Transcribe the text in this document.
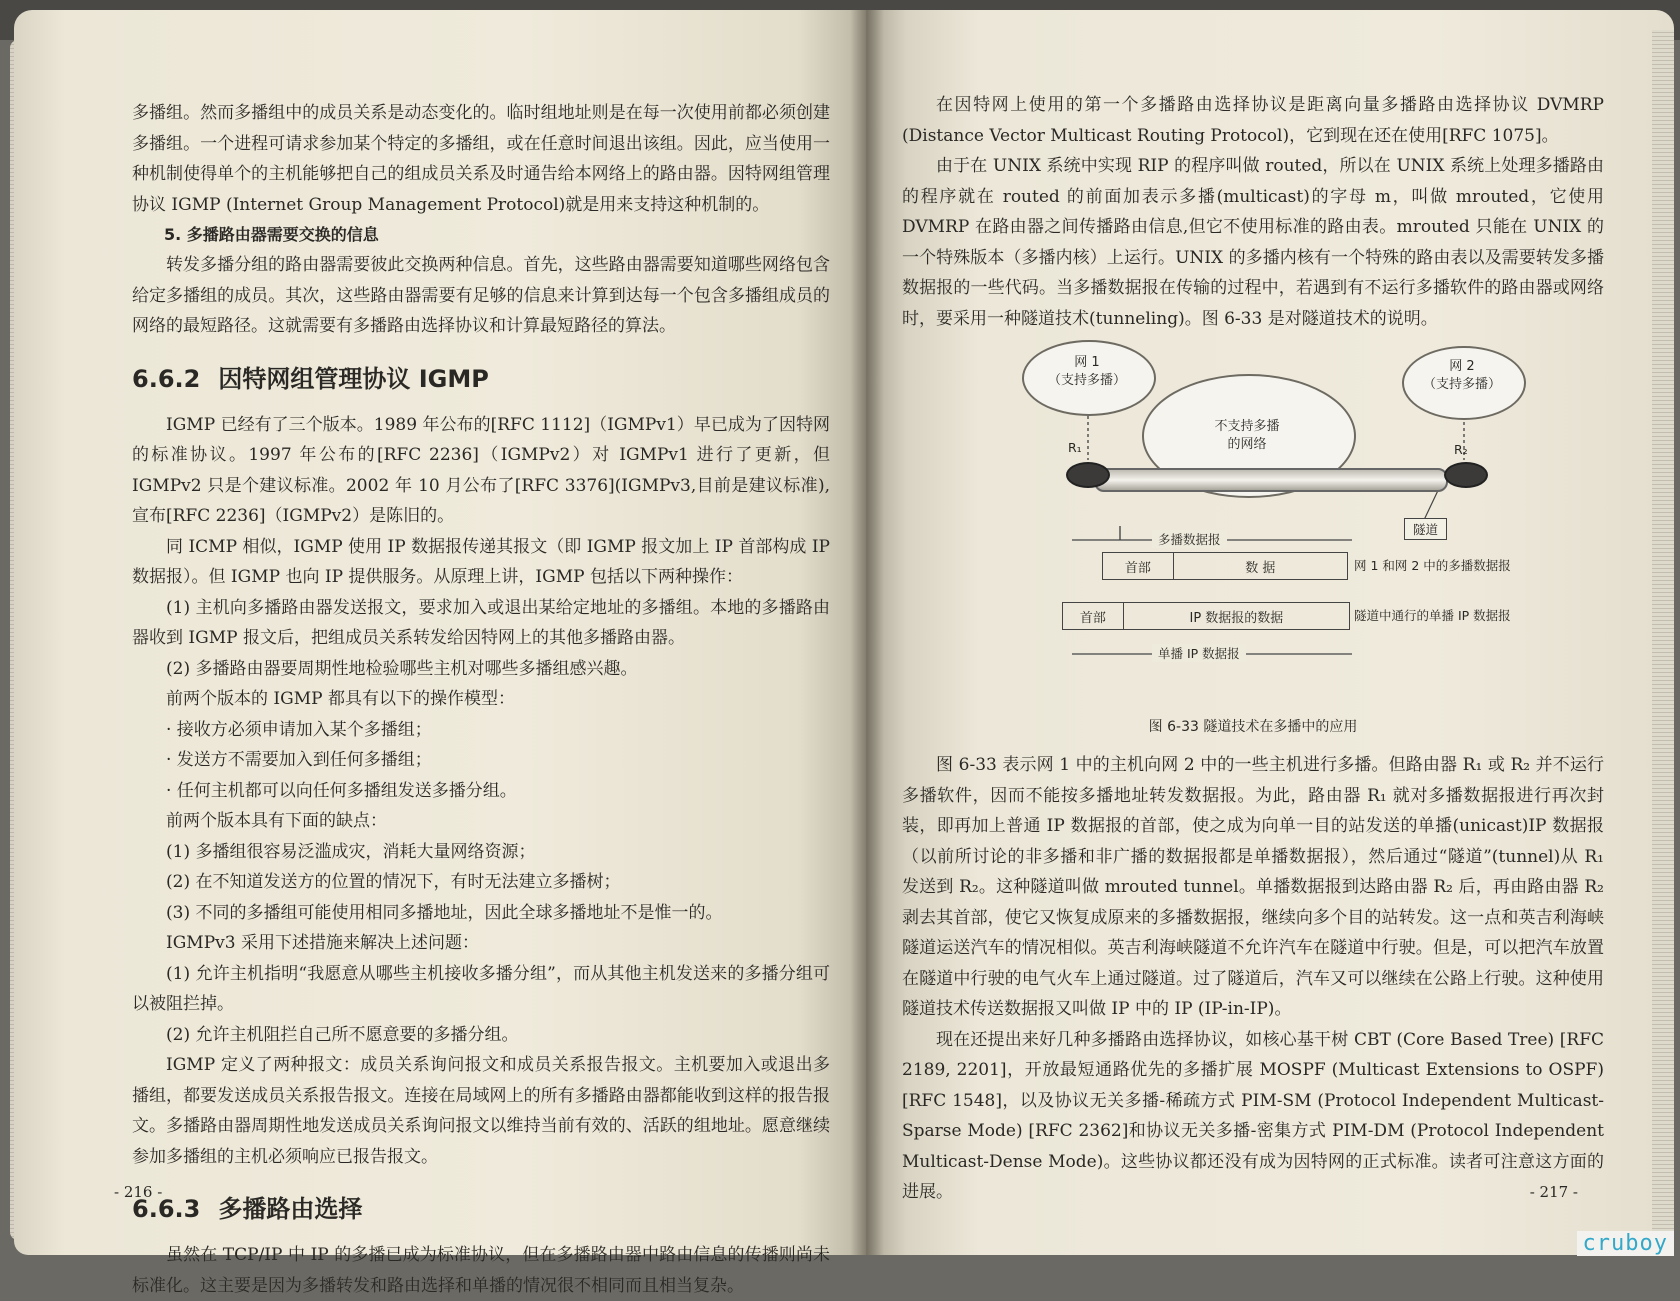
多播组。然而多播组中的成员关系是动态变化的。临时组地址则是在每一次使用前都必须创建多播组。一个进程可请求参加某个特定的多播组，或在任意时间退出该组。因此，应当使用一种机制使得单个的主机能够把自己的组成员关系及时通告给本网络上的路由器。因特网组管理协议 IGMP (Internet Group Management Protocol)就是用来支持这种机制的。

5. 多播路由器需要交换的信息

转发多播分组的路由器需要彼此交换两种信息。首先，这些路由器需要知道哪些网络包含给定多播组的成员。其次，这些路由器需要有足够的信息来计算到达每一个包含多播组成员的网络的最短路径。这就需要有多播路由选择协议和计算最短路径的算法。

6.6.2 因特网组管理协议 IGMP

IGMP 已经有了三个版本。1989 年公布的[RFC 1112]（IGMPv1）早已成为了因特网的标准协议。1997 年公布的[RFC 2236]（IGMPv2）对 IGMPv1 进行了更新，但 IGMPv2 只是个建议标准。2002 年 10 月公布了[RFC 3376](IGMPv3,目前是建议标准),宣布[RFC 2236]（IGMPv2）是陈旧的。

同 ICMP 相似，IGMP 使用 IP 数据报传递其报文（即 IGMP 报文加上 IP 首部构成 IP 数据报）。但 IGMP 也向 IP 提供服务。从原理上讲，IGMP 包括以下两种操作：

(1) 主机向多播路由器发送报文，要求加入或退出某给定地址的多播组。本地的多播路由器收到 IGMP 报文后，把组成员关系转发给因特网上的其他多播路由器。

(2) 多播路由器要周期性地检验哪些主机对哪些多播组感兴趣。

前两个版本的 IGMP 都具有以下的操作模型：

· 接收方必须申请加入某个多播组；
· 发送方不需要加入到任何多播组；
· 任何主机都可以向任何多播组发送多播分组。

前两个版本具有下面的缺点：

(1) 多播组很容易泛滥成灾，消耗大量网络资源；

(2) 在不知道发送方的位置的情况下，有时无法建立多播树；

(3) 不同的多播组可能使用相同多播地址，因此全球多播地址不是惟一的。

IGMPv3 采用下述措施来解决上述问题：

(1) 允许主机指明“我愿意从哪些主机接收多播分组”，而从其他主机发送来的多播分组可以被阻拦掉。

(2) 允许主机阻拦自己所不愿意要的多播分组。

IGMP 定义了两种报文：成员关系询问报文和成员关系报告报文。主机要加入或退出多播组，都要发送成员关系报告报文。连接在局域网上的所有多播路由器都能收到这样的报告报文。多播路由器周期性地发送成员关系询问报文以维持当前有效的、活跃的组地址。愿意继续参加多播组的主机必须响应已报告报文。

6.6.3 多播路由选择

虽然在 TCP/IP 中 IP 的多播已成为标准协议，但在多播路由器中路由信息的传播则尚未标准化。这主要是因为多播转发和路由选择和单播的情况很不相同而且相当复杂。

- 216 -

在因特网上使用的第一个多播路由选择协议是距离向量多播路由选择协议 DVMRP (Distance Vector Multicast Routing Protocol)，它到现在还在使用[RFC 1075]。

由于在 UNIX 系统中实现 RIP 的程序叫做 routed，所以在 UNIX 系统上处理多播路由的程序就在 routed 的前面加表示多播(multicast)的字母 m，叫做 mrouted，它使用 DVMRP 在路由器之间传播路由信息,但它不使用标准的路由表。mrouted 只能在 UNIX 的一个特殊版本（多播内核）上运行。UNIX 的多播内核有一个特殊的路由表以及需要转发多播数据报的一些代码。当多播数据报在传输的过程中，若遇到有不运行多播软件的路由器或网络时，要采用一种隧道技术(tunneling)。图 6-33 是对隧道技术的说明。

网 1
（支持多播）
不支持多播
的网络
网 2
（支持多播）
R₁	R₂
隧道
多播数据报
首部	数 据	网 1 和网 2 中的多播数据报
首部	IP 数据报的数据	隧道中通行的单播 IP 数据报
单播 IP 数据报
图 6-33 隧道技术在多播中的应用

图 6-33 表示网 1 中的主机向网 2 中的一些主机进行多播。但路由器 R₁ 或 R₂ 并不运行多播软件，因而不能按多播地址转发数据报。为此，路由器 R₁ 就对多播数据报进行再次封装，即再加上普通 IP 数据报的首部，使之成为向单一目的站发送的单播(unicast)IP 数据报（以前所讨论的非多播和非广播的数据报都是单播数据报），然后通过“隧道”(tunnel)从 R₁ 发送到 R₂。这种隧道叫做 mrouted tunnel。单播数据报到达路由器 R₂ 后，再由路由器 R₂ 剥去其首部，使它又恢复成原来的多播数据报，继续向多个目的站转发。这一点和英吉利海峡隧道运送汽车的情况相似。英吉利海峡隧道不允许汽车在隧道中行驶。但是，可以把汽车放置在隧道中行驶的电气火车上通过隧道。过了隧道后，汽车又可以继续在公路上行驶。这种使用隧道技术传送数据报又叫做 IP 中的 IP (IP-in-IP)。

现在还提出来好几种多播路由选择协议，如核心基干树 CBT (Core Based Tree) [RFC 2189, 2201]，开放最短通路优先的多播扩展 MOSPF (Multicast Extensions to OSPF) [RFC 1548]，以及协议无关多播-稀疏方式 PIM-SM (Protocol Independent Multicast-Sparse Mode) [RFC 2362]和协议无关多播-密集方式 PIM-DM (Protocol Independent Multicast-Dense Mode)。这些协议都还没有成为因特网的正式标准。读者可注意这方面的进展。	- 217 -
cruboy
